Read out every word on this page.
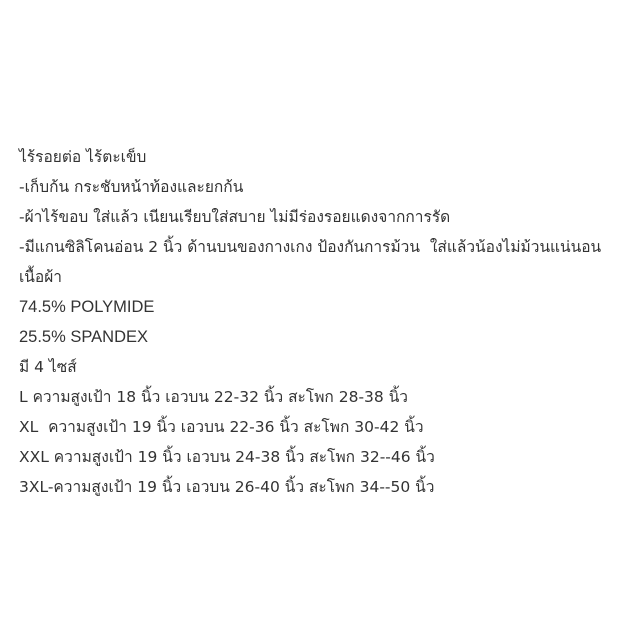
ไร้รอยต่อ ไร้ตะเข็บ
-เก็บก้น กระชับหน้าท้องและยกก้น
-ผ้าไร้ขอบ ใส่แล้ว เนียนเรียบใส่สบาย ไม่มีร่องรอยแดงจากการรัด
-มีแกนซิลิโคนอ่อน 2 นิ้ว ด้านบนของกางเกง ป้องกันการม้วน  ใส่แล้วน้องไม่ม้วนแน่นอน
เนื้อผ้า
74.5% POLYMIDE
25.5% SPANDEX
มี 4 ไซส์
L ความสูงเป้า 18 นิ้ว เอวบน 22-32 นิ้ว สะโพก 28-38 นิ้ว
XL  ความสูงเป้า 19 นิ้ว เอวบน 22-36 นิ้ว สะโพก 30-42 นิ้ว
XXL ความสูงเป้า 19 นิ้ว เอวบน 24-38 นิ้ว สะโพก 32--46 นิ้ว
3XL-ความสูงเป้า 19 นิ้ว เอวบน 26-40 นิ้ว สะโพก 34--50 นิ้ว
